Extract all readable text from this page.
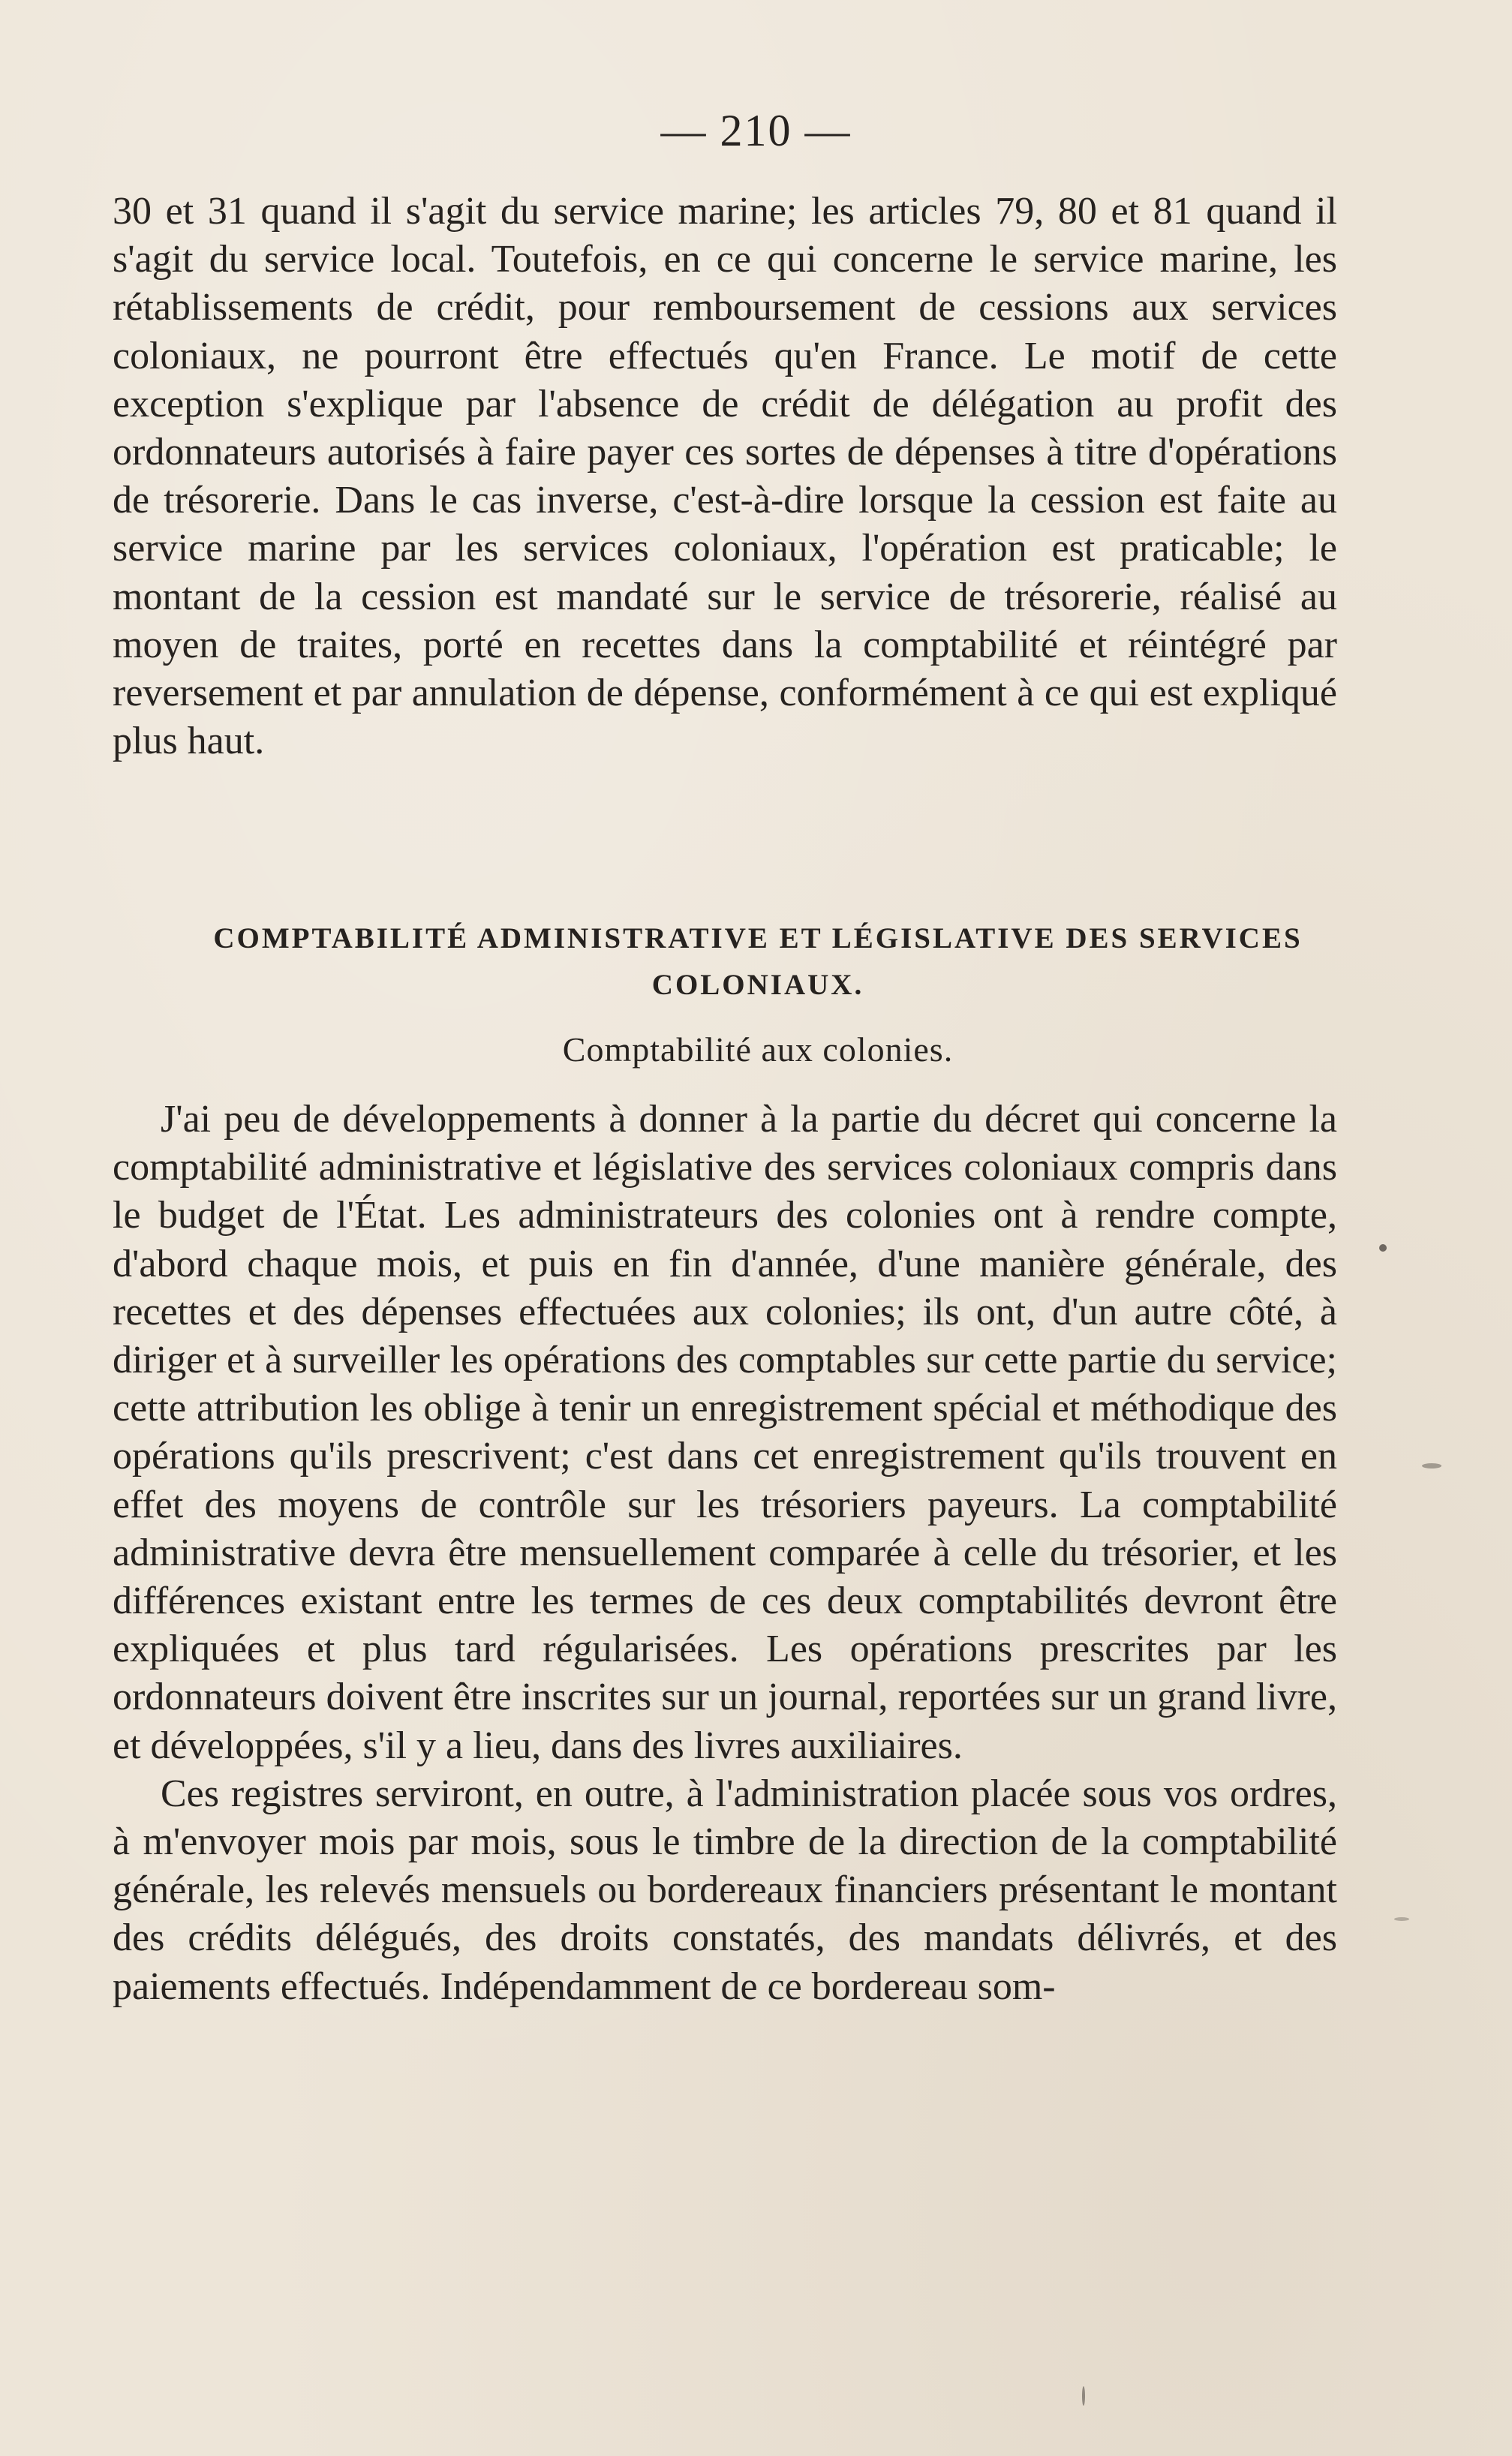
— 210 —

30 et 31 quand il s'agit du service marine; les articles 79, 80 et 81 quand il s'agit du service local. Toutefois, en ce qui concerne le service marine, les rétablissements de crédit, pour remboursement de cessions aux services coloniaux, ne pourront être effectués qu'en France. Le motif de cette exception s'explique par l'absence de crédit de délégation au profit des ordonnateurs autorisés à faire payer ces sortes de dépenses à titre d'opérations de trésorerie. Dans le cas inverse, c'est-à-dire lorsque la cession est faite au service marine par les services coloniaux, l'opération est praticable; le montant de la cession est mandaté sur le service de trésorerie, réalisé au moyen de traites, porté en recettes dans la comptabilité et réintégré par reversement et par annulation de dépense, conformément à ce qui est expliqué plus haut.

COMPTABILITÉ ADMINISTRATIVE ET LÉGISLATIVE DES SERVICES COLONIAUX.
Comptabilité aux colonies.

J'ai peu de développements à donner à la partie du décret qui concerne la comptabilité administrative et législative des services coloniaux compris dans le budget de l'État. Les administrateurs des colonies ont à rendre compte, d'abord chaque mois, et puis en fin d'année, d'une manière générale, des recettes et des dépenses effectuées aux colonies; ils ont, d'un autre côté, à diriger et à surveiller les opérations des comptables sur cette partie du service; cette attribution les oblige à tenir un enregistrement spécial et méthodique des opérations qu'ils prescrivent; c'est dans cet enregistrement qu'ils trouvent en effet des moyens de contrôle sur les trésoriers payeurs. La comptabilité administrative devra être mensuellement comparée à celle du trésorier, et les différences existant entre les termes de ces deux comptabilités devront être expliquées et plus tard régularisées. Les opérations prescrites par les ordonnateurs doivent être inscrites sur un journal, reportées sur un grand livre, et développées, s'il y a lieu, dans des livres auxiliaires.

Ces registres serviront, en outre, à l'administration placée sous vos ordres, à m'envoyer mois par mois, sous le timbre de la direction de la comptabilité générale, les relevés mensuels ou bordereaux financiers présentant le montant des crédits délégués, des droits constatés, des mandats délivrés, et des paiements effectués. Indépendamment de ce bordereau som-
